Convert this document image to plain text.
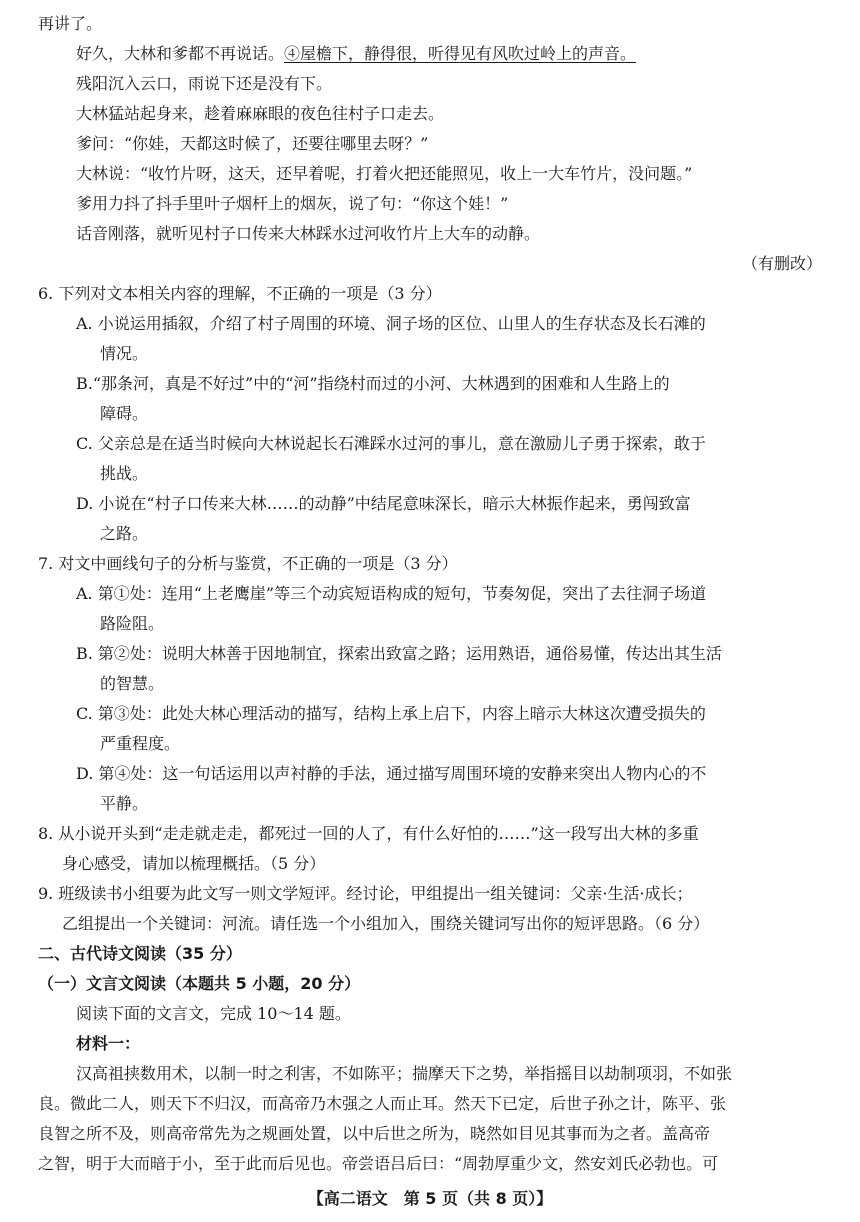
再讲了。
好久，大林和爹都不再说话。④屋檐下，静得很，听得见有风吹过岭上的声音。
残阳沉入云口，雨说下还是没有下。
大林猛站起身来，趁着麻麻眼的夜色往村子口走去。
爹问：“你娃，天都这时候了，还要往哪里去呀？”
大林说：“收竹片呀，这天，还早着呢，打着火把还能照见，收上一大车竹片，没问题。”
爹用力抖了抖手里叶子烟杆上的烟灰，说了句：“你这个娃！”
话音刚落，就听见村子口传来大林踩水过河收竹片上大车的动静。
（有删改）
6. 下列对文本相关内容的理解，不正确的一项是（3 分）
A. 小说运用插叙，介绍了村子周围的环境、洞子场的区位、山里人的生存状态及长石滩的
情况。
B.“那条河，真是不好过”中的“河”指绕村而过的小河、大林遇到的困难和人生路上的
障碍。
C. 父亲总是在适当时候向大林说起长石滩踩水过河的事儿，意在激励儿子勇于探索，敢于
挑战。
D. 小说在“村子口传来大林……的动静”中结尾意味深长，暗示大林振作起来，勇闯致富
之路。
7. 对文中画线句子的分析与鉴赏，不正确的一项是（3 分）
A. 第①处：连用“上老鹰崖”等三个动宾短语构成的短句，节奏匆促，突出了去往洞子场道
路险阻。
B. 第②处：说明大林善于因地制宜，探索出致富之路；运用熟语，通俗易懂，传达出其生活
的智慧。
C. 第③处：此处大林心理活动的描写，结构上承上启下，内容上暗示大林这次遭受损失的
严重程度。
D. 第④处：这一句话运用以声衬静的手法，通过描写周围环境的安静来突出人物内心的不
平静。
8. 从小说开头到“走走就走走，都死过一回的人了，有什么好怕的……”这一段写出大林的多重
身心感受，请加以梳理概括。（5 分）
9. 班级读书小组要为此文写一则文学短评。经讨论，甲组提出一组关键词：父亲·生活·成长；
乙组提出一个关键词：河流。请任选一个小组加入，围绕关键词写出你的短评思路。（6 分）
二、古代诗文阅读（35 分）
（一）文言文阅读（本题共 5 小题，20 分）
阅读下面的文言文，完成 10～14 题。
材料一：
汉高祖挟数用术，以制一时之利害，不如陈平；揣摩天下之势，举指摇目以劫制项羽，不如张
良。微此二人，则天下不归汉，而高帝乃木强之人而止耳。然天下已定，后世子孙之计，陈平、张
良智之所不及，则高帝常先为之规画处置，以中后世之所为，晓然如目见其事而为之者。盖高帝
之智，明于大而暗于小，至于此而后见也。帝尝语吕后曰：“周勃厚重少文，然安刘氏必勃也。可
【高二语文　第 5 页（共 8 页）】
